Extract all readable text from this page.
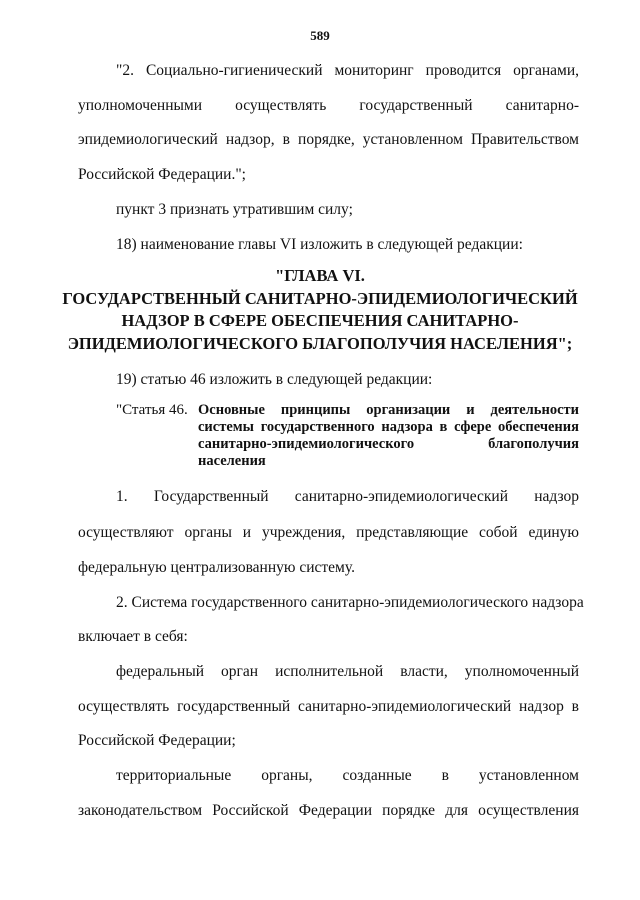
589
"2. Социально-гигиенический мониторинг проводится органами,
уполномоченными осуществлять государственный санитарно-
эпидемиологический надзор, в порядке, установленном Правительством
Российской Федерации.";
пункт 3 признать утратившим силу;
18) наименование главы VI изложить в следующей редакции:
"ГЛАВА VI.
ГОСУДАРСТВЕННЫЙ САНИТАРНО-ЭПИДЕМИОЛОГИЧЕСКИЙ
НАДЗОР В СФЕРЕ ОБЕСПЕЧЕНИЯ САНИТАРНО-
ЭПИДЕМИОЛОГИЧЕСКОГО БЛАГОПОЛУЧИЯ НАСЕЛЕНИЯ";
19) статью 46 изложить в следующей редакции:
"Статья 46. Основные принципы организации и деятельности
системы государственного надзора в сфере обеспечения
санитарно-эпидемиологического благополучия
населения
1. Государственный санитарно-эпидемиологический надзор
осуществляют органы и учреждения, представляющие собой единую
федеральную централизованную систему.
2. Система государственного санитарно-эпидемиологического надзора
включает в себя:
федеральный орган исполнительной власти, уполномоченный
осуществлять государственный санитарно-эпидемиологический надзор в
Российской Федерации;
территориальные органы, созданные в установленном
законодательством Российской Федерации порядке для осуществления
